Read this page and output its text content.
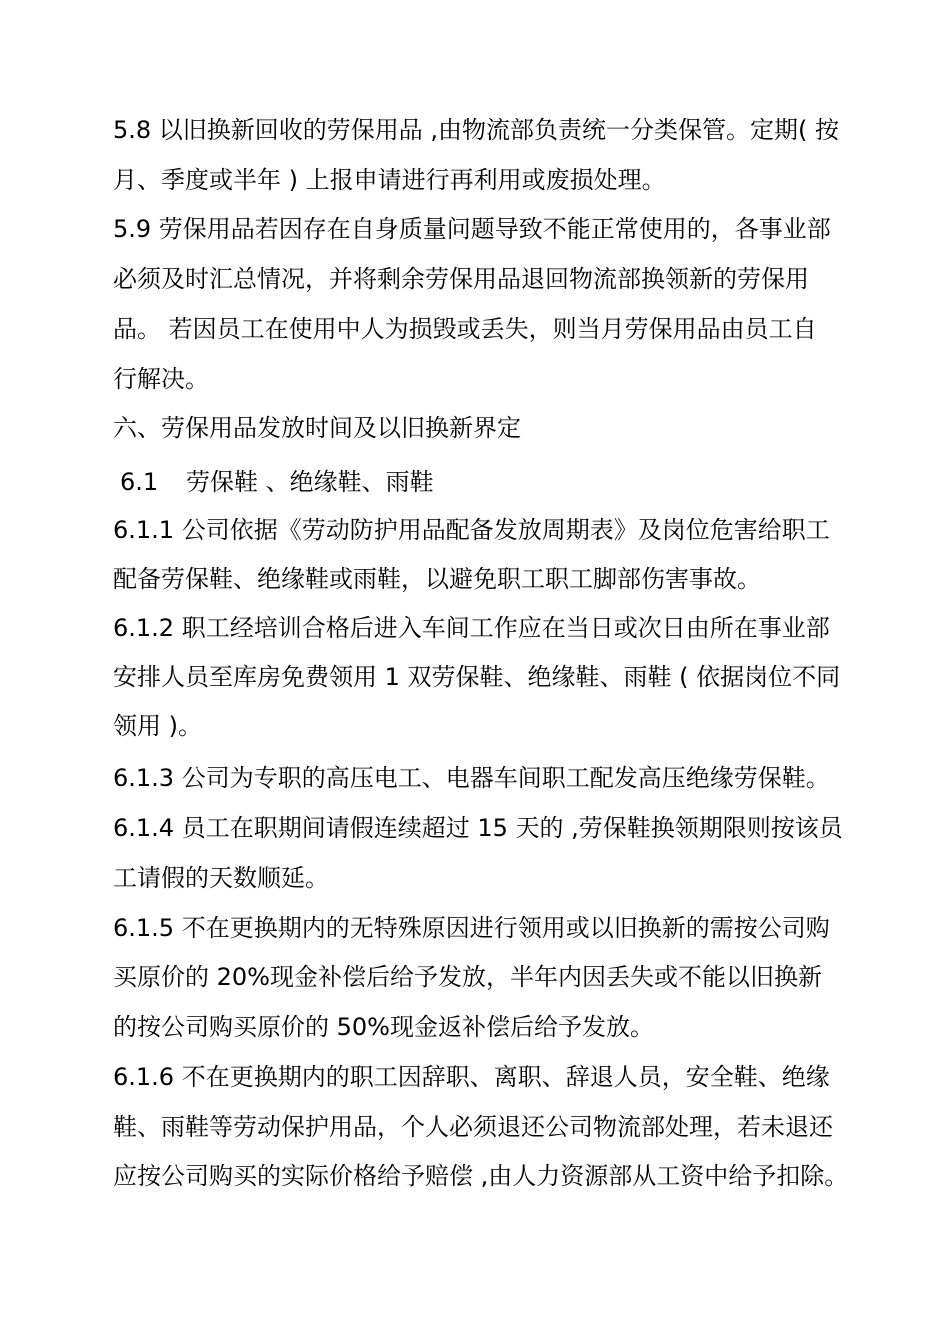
5.8 以旧换新回收的劳保用品 ,由物流部负责统一分类保管。定期( 按
月、季度或半年 ) 上报申请进行再利用或废损处理。
5.9 劳保用品若因存在自身质量问题导致不能正常使用的，各事业部
必须及时汇总情况，并将剩余劳保用品退回物流部换领新的劳保用
品。 若因员工在使用中人为损毁或丢失，则当月劳保用品由员工自
行解决。
六、劳保用品发放时间及以旧换新界定
6.1 劳保鞋 、绝缘鞋、雨鞋
6.1.1 公司依据《劳动防护用品配备发放周期表》及岗位危害给职工
配备劳保鞋、绝缘鞋或雨鞋，以避免职工职工脚部伤害事故。
6.1.2 职工经培训合格后进入车间工作应在当日或次日由所在事业部
安排人员至库房免费领用 1 双劳保鞋、绝缘鞋、雨鞋 ( 依据岗位不同
领用 )。
6.1.3 公司为专职的高压电工、电器车间职工配发高压绝缘劳保鞋。
6.1.4 员工在职期间请假连续超过 15 天的 ,劳保鞋换领期限则按该员
工请假的天数顺延。
6.1.5 不在更换期内的无特殊原因进行领用或以旧换新的需按公司购
买原价的 20%现金补偿后给予发放，半年内因丢失或不能以旧换新
的按公司购买原价的 50%现金返补偿后给予发放。
6.1.6 不在更换期内的职工因辞职、离职、辞退人员，安全鞋、绝缘
鞋、雨鞋等劳动保护用品，个人必须退还公司物流部处理，若未退还
应按公司购买的实际价格给予赔偿 ,由人力资源部从工资中给予扣除。
